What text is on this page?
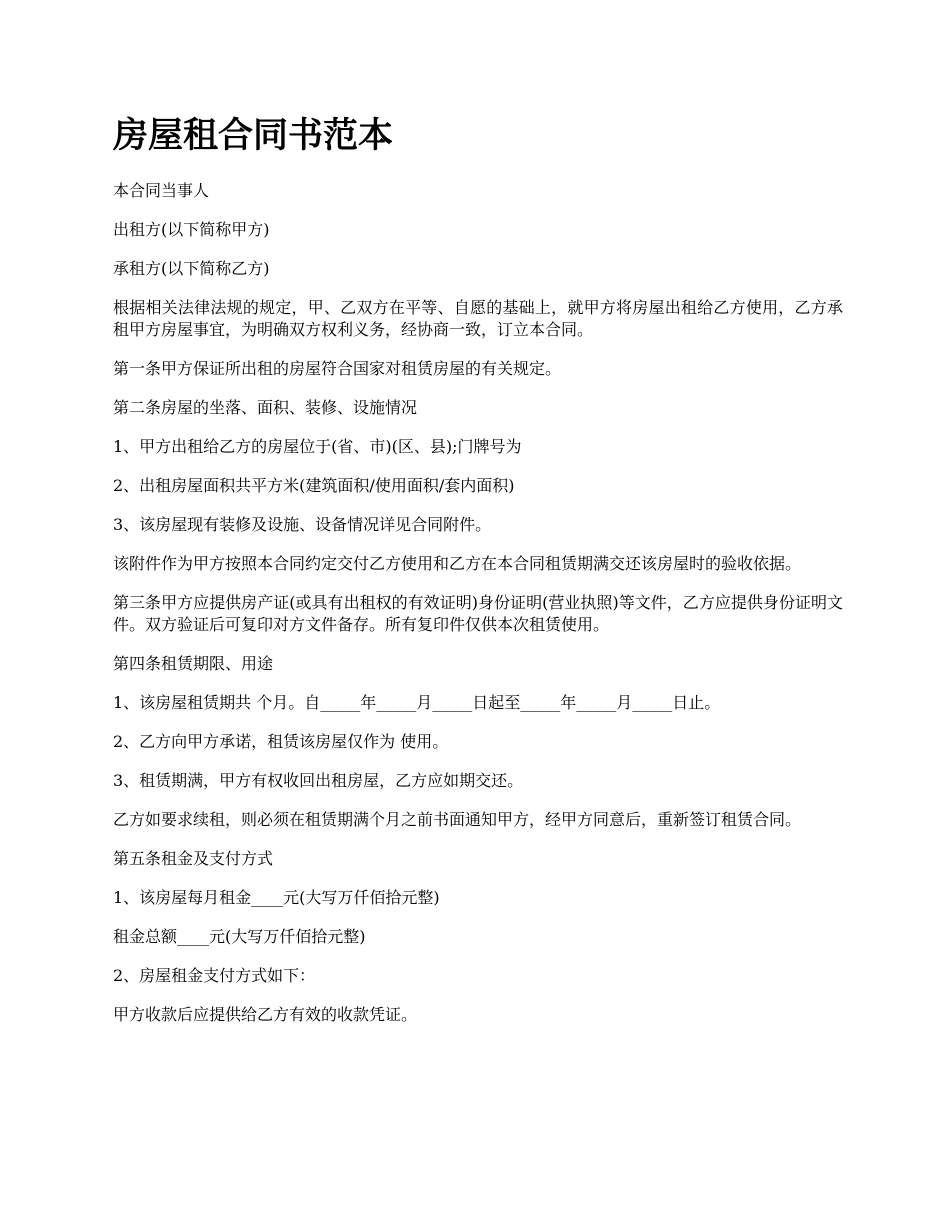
房屋租合同书范本

本合同当事人

出租方(以下简称甲方)

承租方(以下简称乙方)

根据相关法律法规的规定，甲、乙双方在平等、自愿的基础上，就甲方将房屋出租给乙方使用，乙方承租甲方房屋事宜，为明确双方权利义务，经协商一致，订立本合同。

第一条甲方保证所出租的房屋符合国家对租赁房屋的有关规定。

第二条房屋的坐落、面积、装修、设施情况

1、甲方出租给乙方的房屋位于(省、市)(区、县);门牌号为

2、出租房屋面积共平方米(建筑面积/使用面积/套内面积)

3、该房屋现有装修及设施、设备情况详见合同附件。

该附件作为甲方按照本合同约定交付乙方使用和乙方在本合同租赁期满交还该房屋时的验收依据。

第三条甲方应提供房产证(或具有出租权的有效证明)身份证明(营业执照)等文件，乙方应提供身份证明文件。双方验证后可复印对方文件备存。所有复印件仅供本次租赁使用。

第四条租赁期限、用途

1、该房屋租赁期共 个月。自_____年_____月_____日起至_____年_____月_____日止。

2、乙方向甲方承诺，租赁该房屋仅作为 使用。

3、租赁期满，甲方有权收回出租房屋，乙方应如期交还。

乙方如要求续租，则必须在租赁期满个月之前书面通知甲方，经甲方同意后，重新签订租赁合同。

第五条租金及支付方式

1、该房屋每月租金____元(大写万仟佰拾元整)

租金总额____元(大写万仟佰拾元整)

2、房屋租金支付方式如下：

甲方收款后应提供给乙方有效的收款凭证。
